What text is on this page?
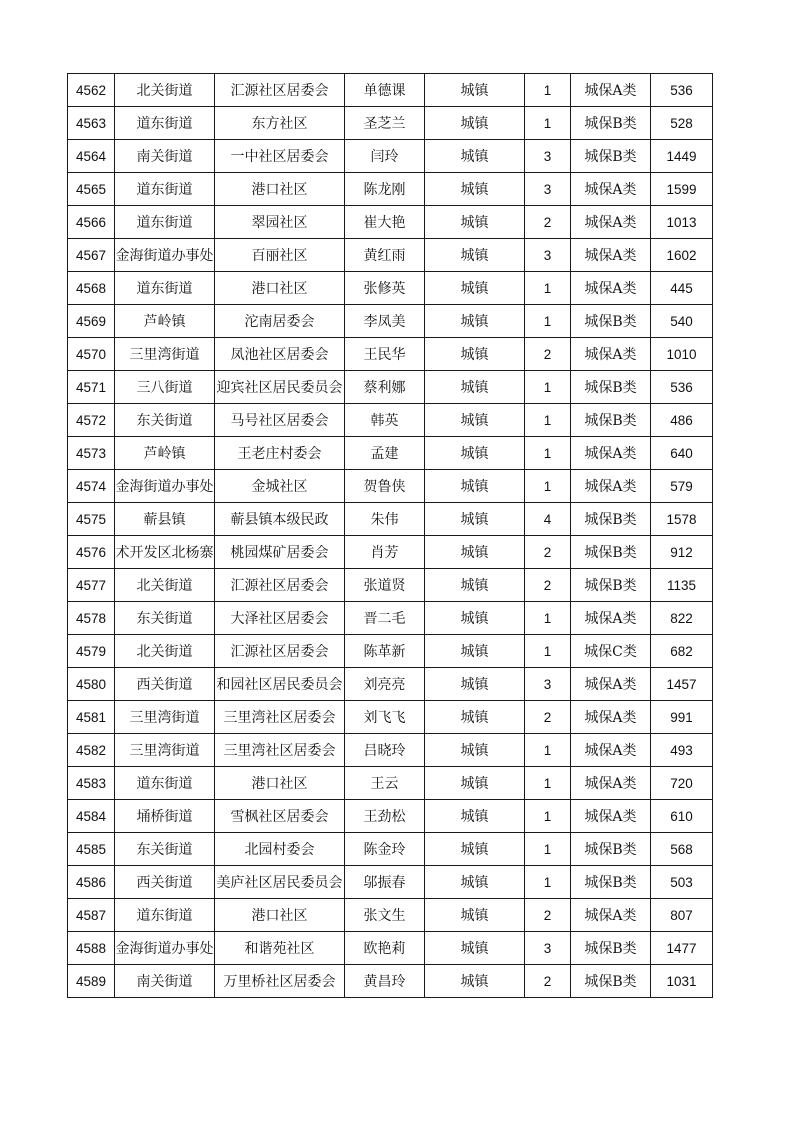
4562	北关街道	汇源社区居委会	单德课	城镇	1	城保A类	536
4563	道东街道	东方社区	圣芝兰	城镇	1	城保B类	528
4564	南关街道	一中社区居委会	闫玲	城镇	3	城保B类	1449
4565	道东街道	港口社区	陈龙刚	城镇	3	城保A类	1599
4566	道东街道	翠园社区	崔大艳	城镇	2	城保A类	1013
4567	金海街道办事处	百丽社区	黄红雨	城镇	3	城保A类	1602
4568	道东街道	港口社区	张修英	城镇	1	城保A类	445
4569	芦岭镇	沱南居委会	李凤美	城镇	1	城保B类	540
4570	三里湾街道	凤池社区居委会	王民华	城镇	2	城保A类	1010
4571	三八街道	迎宾社区居民委员会	蔡利娜	城镇	1	城保B类	536
4572	东关街道	马号社区居委会	韩英	城镇	1	城保B类	486
4573	芦岭镇	王老庄村委会	孟建	城镇	1	城保A类	640
4574	金海街道办事处	金城社区	贺鲁侠	城镇	1	城保A类	579
4575	蕲县镇	蕲县镇本级民政	朱伟	城镇	4	城保B类	1578
4576	术开发区北杨寨	桃园煤矿居委会	肖芳	城镇	2	城保B类	912
4577	北关街道	汇源社区居委会	张道贤	城镇	2	城保B类	1135
4578	东关街道	大泽社区居委会	晋二毛	城镇	1	城保A类	822
4579	北关街道	汇源社区居委会	陈革新	城镇	1	城保C类	682
4580	西关街道	和园社区居民委员会	刘亮亮	城镇	3	城保A类	1457
4581	三里湾街道	三里湾社区居委会	刘飞飞	城镇	2	城保A类	991
4582	三里湾街道	三里湾社区居委会	吕晓玲	城镇	1	城保A类	493
4583	道东街道	港口社区	王云	城镇	1	城保A类	720
4584	埇桥街道	雪枫社区居委会	王劲松	城镇	1	城保A类	610
4585	东关街道	北园村委会	陈金玲	城镇	1	城保B类	568
4586	西关街道	美庐社区居民委员会	邬振春	城镇	1	城保B类	503
4587	道东街道	港口社区	张文生	城镇	2	城保A类	807
4588	金海街道办事处	和谐苑社区	欧艳莉	城镇	3	城保B类	1477
4589	南关街道	万里桥社区居委会	黄昌玲	城镇	2	城保B类	1031
